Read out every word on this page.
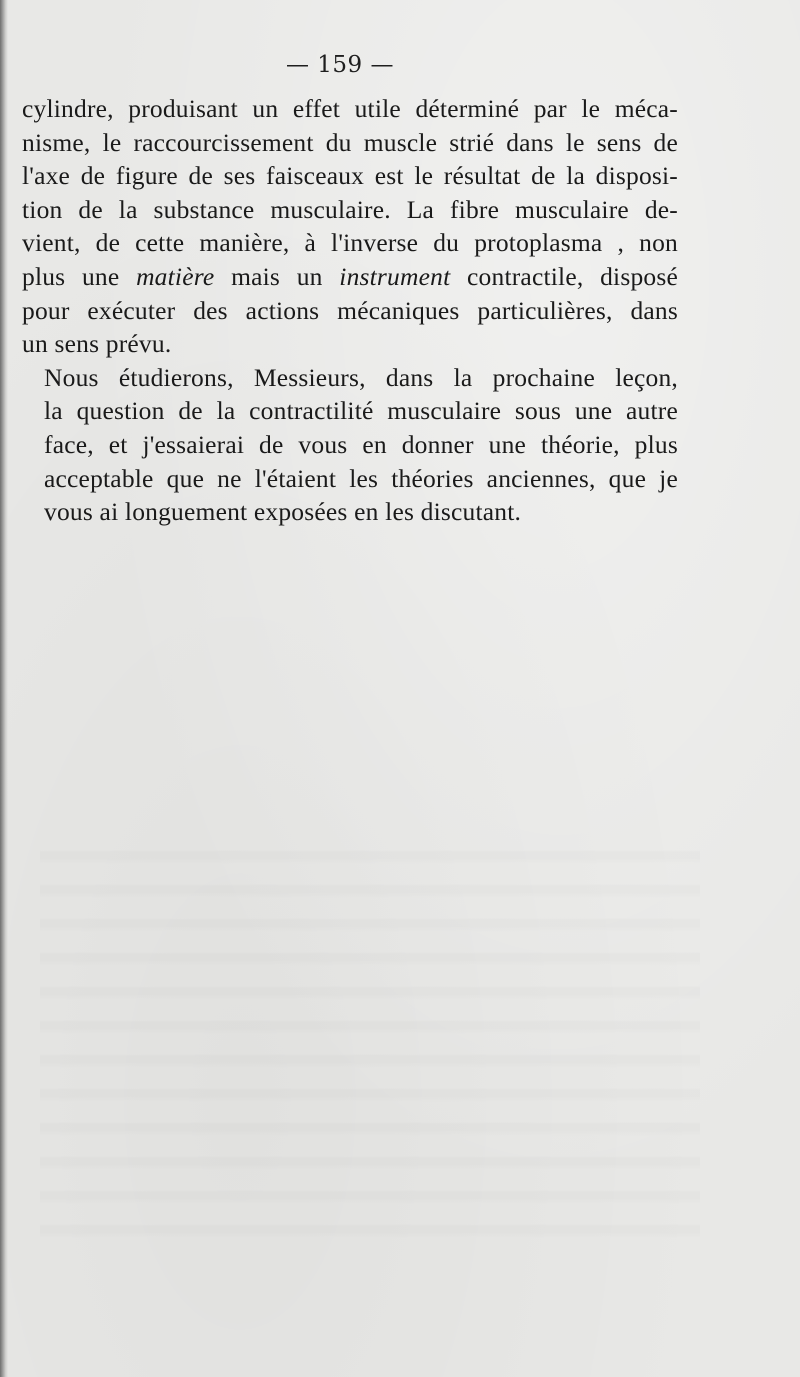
— 159 —

cylindre, produisant un effet utile déterminé par le méca-
nisme, le raccourcissement du muscle strié dans le sens de
l'axe de figure de ses faisceaux est le résultat de la disposi-
tion de la substance musculaire. La fibre musculaire de-
vient, de cette manière, à l'inverse du protoplasma , non
plus une matière mais un instrument contractile, disposé
pour exécuter des actions mécaniques particulières, dans
un sens prévu.

Nous étudierons, Messieurs, dans la prochaine leçon,
la question de la contractilité musculaire sous une autre
face, et j'essaierai de vous en donner une théorie, plus
acceptable que ne l'étaient les théories anciennes, que je
vous ai longuement exposées en les discutant.
